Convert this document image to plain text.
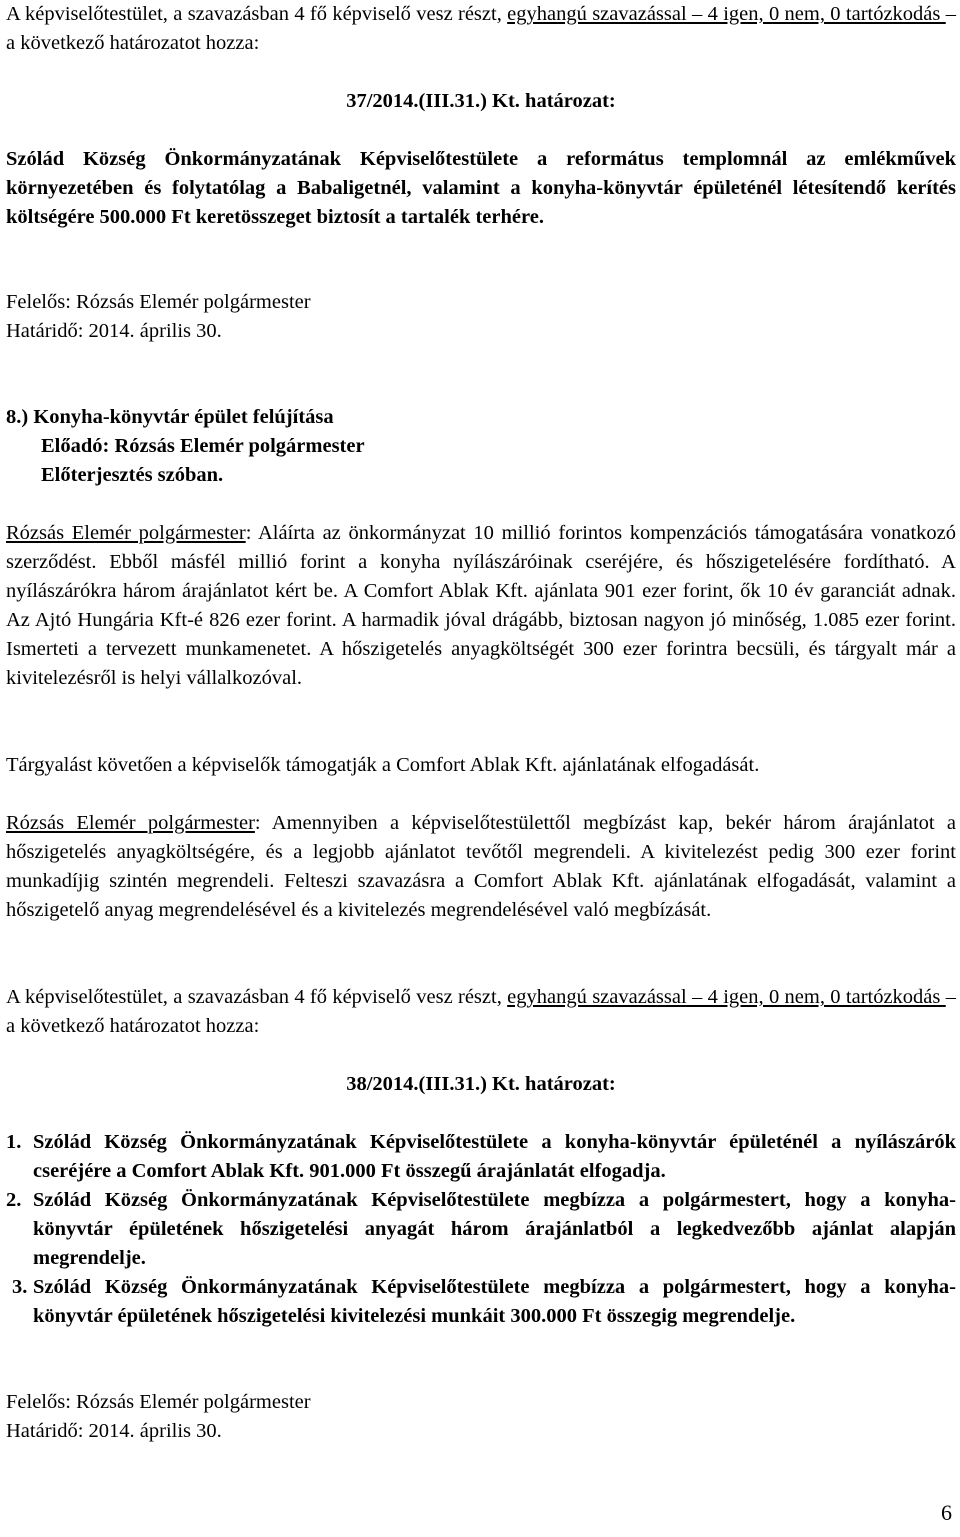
A képviselőtestület, a szavazásban 4 fő képviselő vesz részt, egyhangú szavazással – 4 igen, 0 nem, 0 tartózkodás – a következő határozatot hozza:

37/2014.(III.31.) Kt. határozat:

Szólád Község Önkormányzatának Képviselőtestülete a református templomnál az emlékművek környezetében és folytatólag a Babaligetnél, valamint a konyha-könyvtár épületénél létesítendő kerítés költségére 500.000 Ft keretösszeget biztosít a tartalék terhére.

Felelős: Rózsás Elemér polgármester

Határidő: 2014. április 30.

8.) Konyha-könyvtár épület felújítása

Előadó: Rózsás Elemér polgármester

Előterjesztés szóban.

Rózsás Elemér polgármester: Aláírta az önkormányzat 10 millió forintos kompenzációs támogatására vonatkozó szerződést. Ebből másfél millió forint a konyha nyílászáróinak cseréjére, és hőszigetelésére fordítható. A nyílászárókra három árajánlatot kért be. A Comfort Ablak Kft. ajánlata 901 ezer forint, ők 10 év garanciát adnak. Az Ajtó Hungária Kft-é 826 ezer forint. A harmadik jóval drágább, biztosan nagyon jó minőség, 1.085 ezer forint. Ismerteti a tervezett munkamenetet. A hőszigetelés anyagköltségét 300 ezer forintra becsüli, és tárgyalt már a kivitelezésről is helyi vállalkozóval.

Tárgyalást követően a képviselők támogatják a Comfort Ablak Kft. ajánlatának elfogadását.

Rózsás Elemér polgármester: Amennyiben a képviselőtestülettől megbízást kap, bekér három árajánlatot a hőszigetelés anyagköltségére, és a legjobb ajánlatot tevőtől megrendeli. A kivitelezést pedig 300 ezer forint munkadíjig szintén megrendeli. Felteszi szavazásra a Comfort Ablak Kft. ajánlatának elfogadását, valamint a hőszigetelő anyag megrendelésével és a kivitelezés megrendelésével való megbízását.

A képviselőtestület, a szavazásban 4 fő képviselő vesz részt, egyhangú szavazással – 4 igen, 0 nem, 0 tartózkodás – a következő határozatot hozza:

38/2014.(III.31.) Kt. határozat:

1. Szólád Község Önkormányzatának Képviselőtestülete a konyha-könyvtár épületénél a nyílászárók cseréjére a Comfort Ablak Kft. 901.000 Ft összegű árajánlatát elfogadja.

2. Szólád Község Önkormányzatának Képviselőtestülete megbízza a polgármestert, hogy a konyha-könyvtár épületének hőszigetelési anyagát három árajánlatból a legkedvezőbb ajánlat alapján megrendelje.

3. Szólád Község Önkormányzatának Képviselőtestülete megbízza a polgármestert, hogy a konyha-könyvtár épületének hőszigetelési kivitelezési munkáit 300.000 Ft összegig megrendelje.

Felelős: Rózsás Elemér polgármester

Határidő: 2014. április 30.

6
